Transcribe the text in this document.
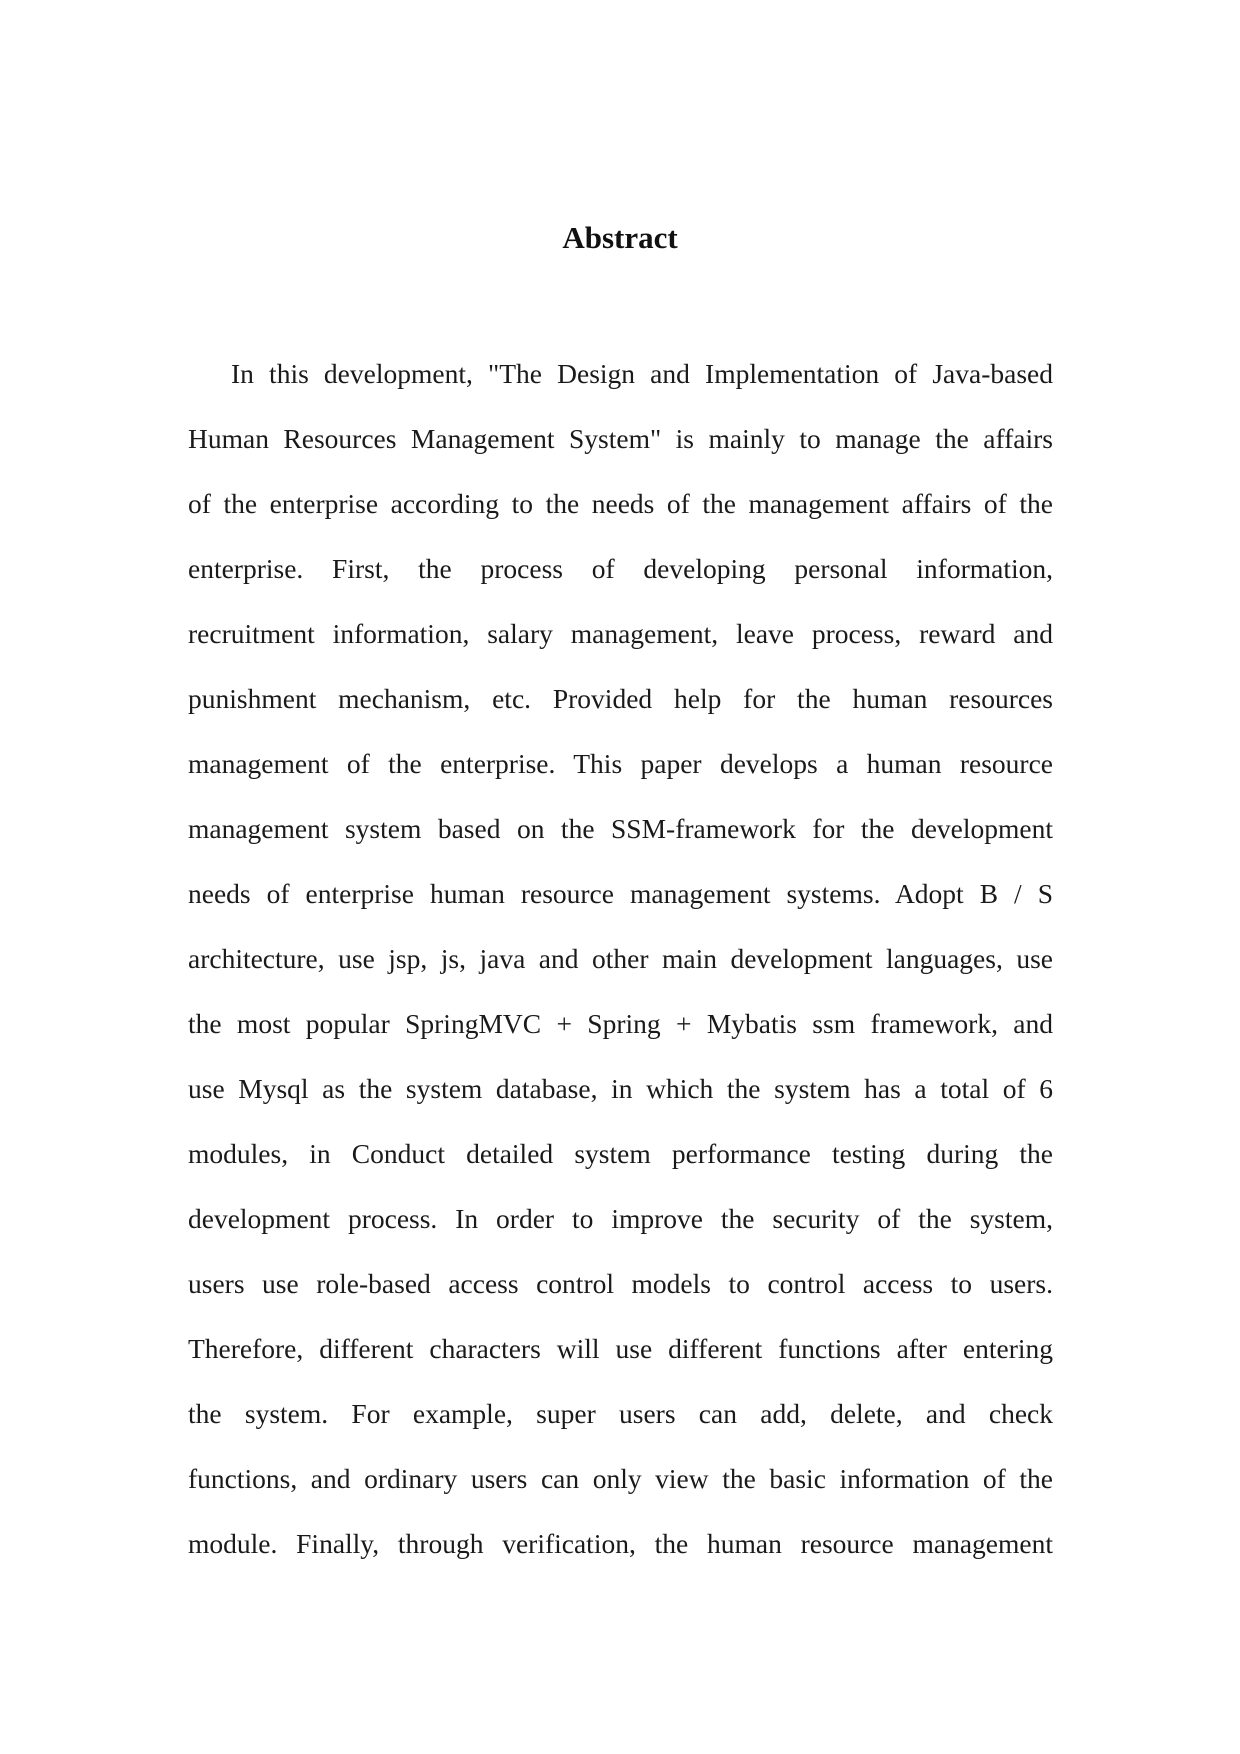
Abstract
In this development, "The Design and Implementation of Java-based
Human Resources Management System" is mainly to manage the affairs
of the enterprise according to the needs of the management affairs of the
enterprise. First, the process of developing personal information,
recruitment information, salary management, leave process, reward and
punishment mechanism, etc. Provided help for the human resources
management of the enterprise. This paper develops a human resource
management system based on the SSM-framework for the development
needs of enterprise human resource management systems. Adopt B / S
architecture, use jsp, js, java and other main development languages, use
the most popular SpringMVC + Spring + Mybatis ssm framework, and
use Mysql as the system database, in which the system has a total of 6
modules, in Conduct detailed system performance testing during the
development process. In order to improve the security of the system,
users use role-based access control models to control access to users.
Therefore, different characters will use different functions after entering
the system. For example, super users can add, delete, and check
functions, and ordinary users can only view the basic information of the
module. Finally, through verification, the human resource management
